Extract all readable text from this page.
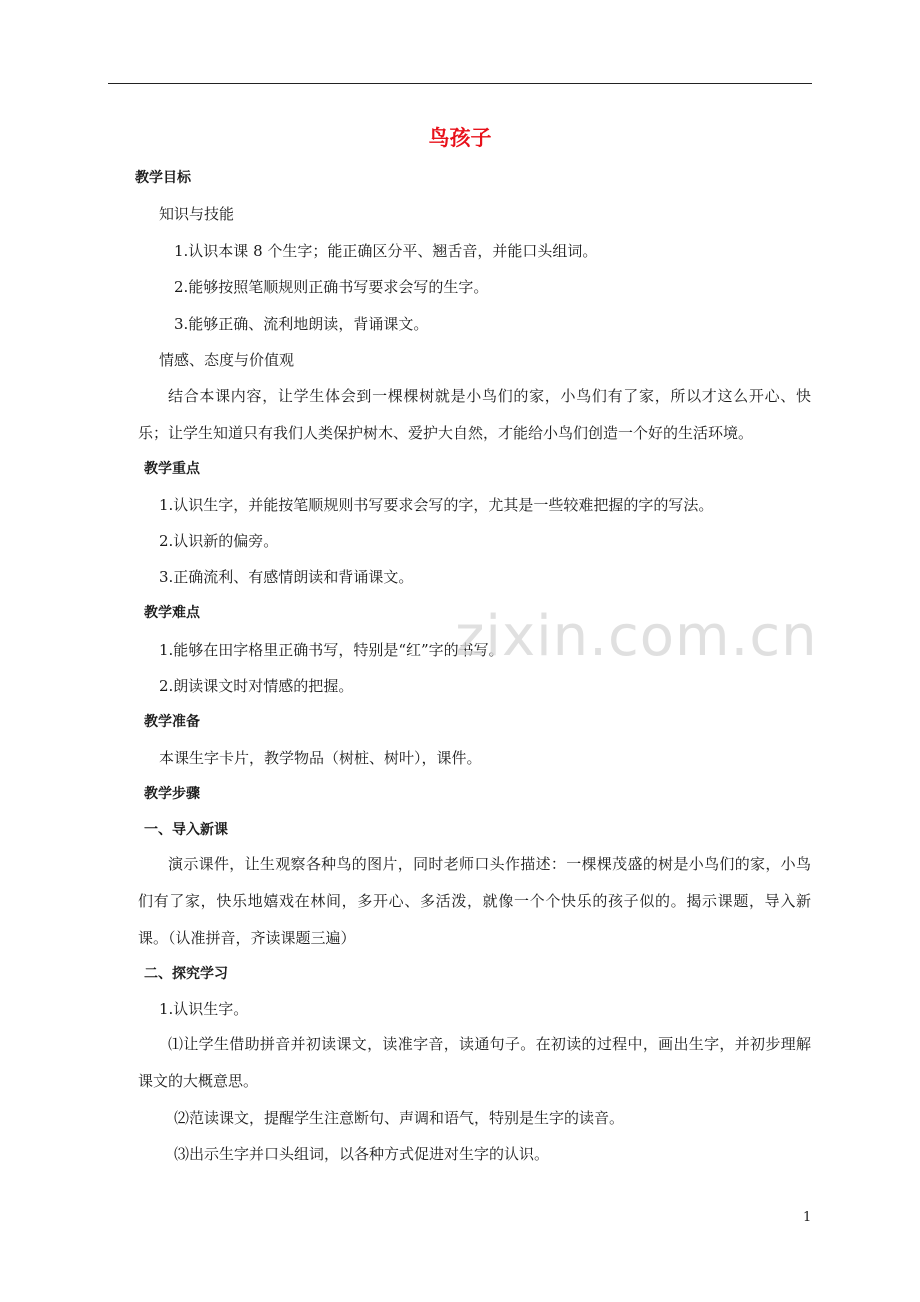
鸟孩子
教学目标
知识与技能
1.认识本课 8 个生字；能正确区分平、翘舌音，并能口头组词。
2.能够按照笔顺规则正确书写要求会写的生字。
3.能够正确、流利地朗读，背诵课文。
情感、态度与价值观

结合本课内容，让学生体会到一棵棵树就是小鸟们的家，小鸟们有了家，所以才这么开心、快乐；让学生知道只有我们人类保护树木、爱护大自然，才能给小鸟们创造一个好的生活环境。

教学重点
1.认识生字，并能按笔顺规则书写要求会写的字，尤其是一些较难把握的字的写法。
2.认识新的偏旁。
3.正确流利、有感情朗读和背诵课文。
教学难点
1.能够在田字格里正确书写，特别是“红”字的书写。
2.朗读课文时对情感的把握。
教学准备
本课生字卡片，教学物品（树桩、树叶），课件。
教学步骤
一、导入新课

演示课件，让生观察各种鸟的图片，同时老师口头作描述：一棵棵茂盛的树是小鸟们的家，小鸟们有了家，快乐地嬉戏在林间，多开心、多活泼，就像一个个快乐的孩子似的。揭示课题，导入新课。（认准拼音，齐读课题三遍）

二、探究学习
1.认识生字。

⑴让学生借助拼音并初读课文，读准字音，读通句子。在初读的过程中，画出生字，并初步理解课文的大概意思。

⑵范读课文，提醒学生注意断句、声调和语气，特别是生字的读音。
⑶出示生字并口头组词，以各种方式促进对生字的认识。
zixin.com.cn
1
